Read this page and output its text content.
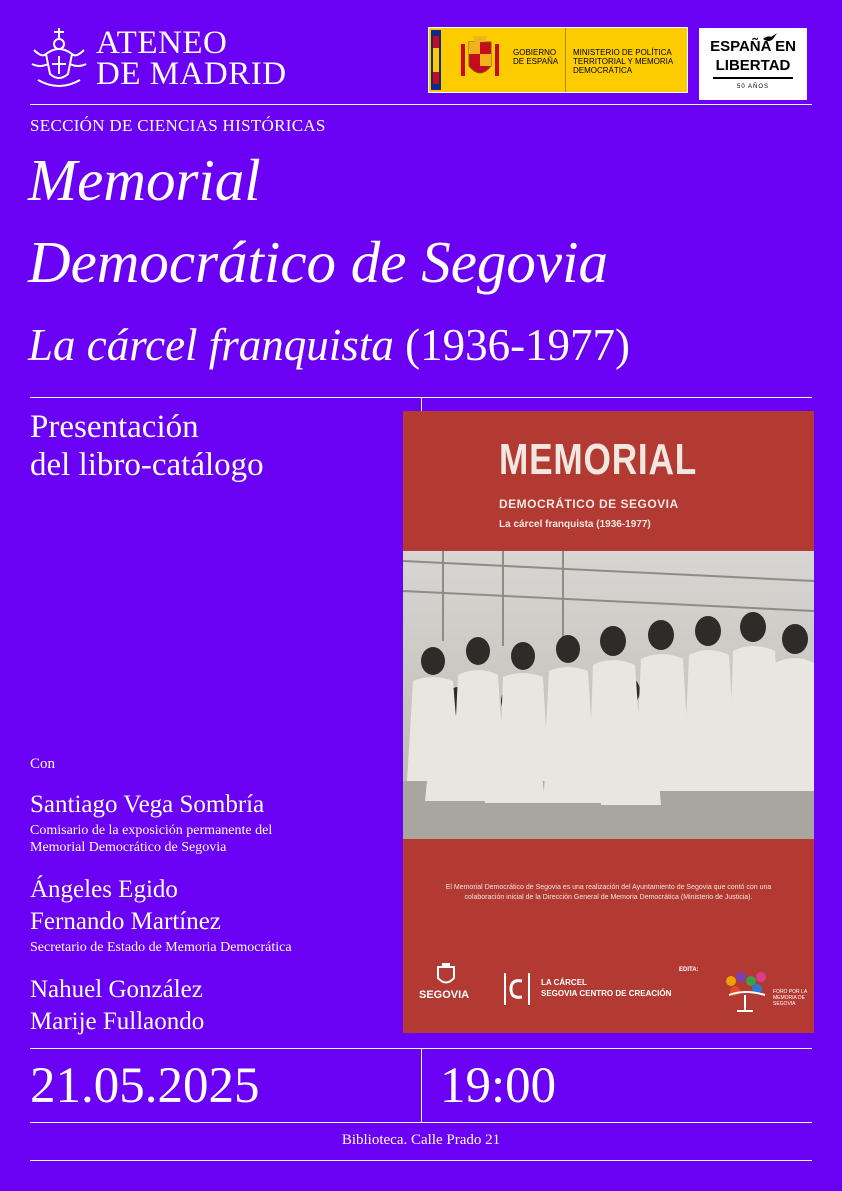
ATENEO
DE MADRID
GOBIERNO DE ESPAÑA
MINISTERIO DE POLÍTICA TERRITORIAL Y MEMORIA DEMOCRÁTICA
ESPAÑA EN
LIBERTAD
50 AÑOS
SECCIÓN DE CIENCIAS HISTÓRICAS
Memorial
Democrático de Segovia
La cárcel franquista (1936-1977)
Presentación
del libro-catálogo	MEMORIAL
DEMOCRÁTICO DE SEGOVIA
La cárcel franquista (1936-1977)
El Memorial Democrático de Segovia es una realización del Ayuntamiento de Segovia que contó con una colaboración inicial de la Dirección General de Memoria Democrática (Ministerio de Justicia).
SEGOVIA
LA CÁRCEL
SEGOVIA CENTRO DE CREACIÓN
EDITA:
FORO POR LA MEMORIA DE SEGOVIA
Con
Santiago Vega Sombría
Comisario de la exposición permanente del
Memorial Democrático de Segovia
Ángeles Egido
Fernando Martínez
Secretario de Estado de Memoria Democrática
Nahuel González
Marije Fullaondo
21.05.2025	19:00
Biblioteca. Calle Prado 21
